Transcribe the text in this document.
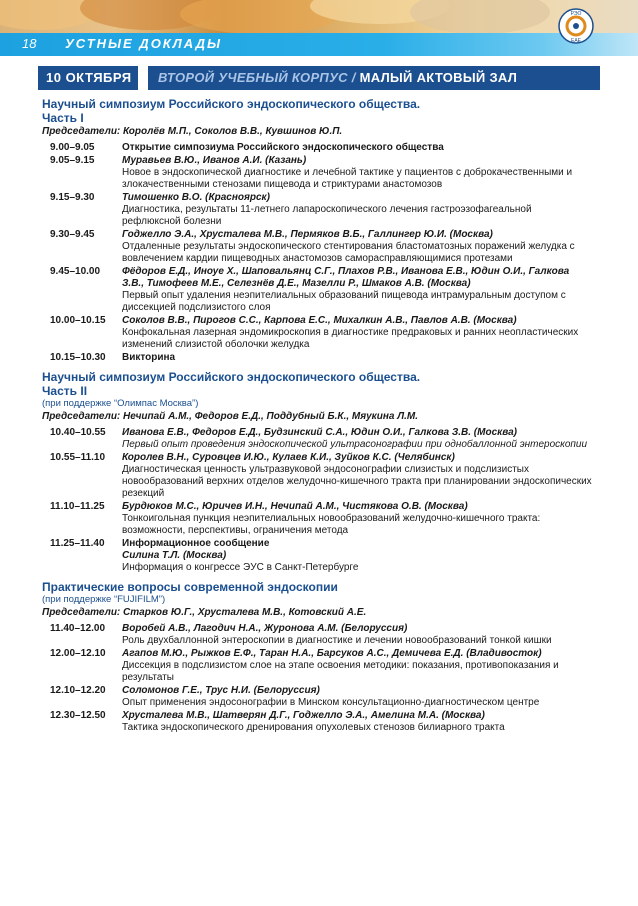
18 УСТНЫЕ ДОКЛАДЫ
РЭО
ЕАЕ
10 ОКТЯБРЯ	ВТОРОЙ УЧЕБНЫЙ КОРПУС / МАЛЫЙ АКТОВЫЙ ЗАЛ
Научный симпозиум Российского эндоскопического общества.
Часть I
Председатели: Королёв М.П., Соколов В.В., Кувшинов Ю.П.
9.00–9.05	Открытие симпозиума Российского эндоскопического общества
9.05–9.15	Муравьев В.Ю., Иванов А.И. (Казань)
Новое в эндоскопической диагностике и лечебной тактике у пациентов с доброкачественными и злокачественными стенозами пищевода и стриктурами анастомозов
9.15–9.30	Тимошенко В.О. (Красноярск)
Диагностика, результаты 11-летнего лапароскопического лечения гастроэзофагеальной рефлюксной болезни
9.30–9.45	Годжелло Э.А., Хрусталева М.В., Пермяков В.Б., Галлингер Ю.И. (Москва)
Отдаленные результаты эндоскопического стентирования бластоматозных поражений желудка с вовлечением кардии пищеводных анастомозов саморасправляющимися протезами
9.45–10.00	Фёдоров Е.Д., Иноуе Х., Шаповальянц С.Г., Плахов Р.В., Иванова Е.В., Юдин О.И., Галкова З.В., Тимофеев М.Е., Селезнёв Д.Е., Мазелли Р., Шмаков А.В. (Москва)
Первый опыт удаления неэпителиальных образований пищевода интрамуральным доступом с диссекцией подслизистого слоя
10.00–10.15	Соколов В.В., Пирогов С.С., Карпова Е.С., Михалкин А.В., Павлов А.В. (Москва)
Конфокальная лазерная эндомикроскопия в диагностике предраковых и ранних неопластических изменений слизистой оболочки желудка
10.15–10.30	Викторина
Научный симпозиум Российского эндоскопического общества.
Часть II
(при поддержке “Олимпас Москва”)
Председатели: Нечипай А.М., Федоров Е.Д., Поддубный Б.К., Мяукина Л.М.
10.40–10.55	Иванова Е.В., Федоров Е.Д., Будзинский С.А., Юдин О.И., Галкова З.В. (Москва)
Первый опыт проведения эндоскопической ультрасонографии при однобаллонной энтероскопии
10.55–11.10	Королев В.Н., Суровцев И.Ю., Кулаев К.И., Зуйков К.С. (Челябинск)
Диагностическая ценность ультразвуковой эндосонографии слизистых и подслизистых новообразований верхних отделов желудочно-кишечного тракта при планировании эндоскопических резекций
11.10–11.25	Бурдюков М.С., Юричев И.Н., Нечипай А.М., Чистякова О.В. (Москва)
Тонкоигольная пункция неэпителиальных новообразований желудочно-кишечного тракта: возможности, перспективы, ограничения метода
11.25–11.40	Информационное сообщение
Силина Т.Л. (Москва)
Информация о конгрессе ЭУС в Санкт-Петербурге
Практические вопросы современной эндоскопии
(при поддержке “FUJIFILM”)
Председатели: Старков Ю.Г., Хрусталева М.В., Котовский А.Е.
11.40–12.00	Воробей А.В., Лагодич Н.А., Журонова А.М. (Белоруссия)
Роль двухбаллонной энтероскопии в диагностике и лечении новообразований тонкой кишки
12.00–12.10	Агапов М.Ю., Рыжков Е.Ф., Таран Н.А., Барсуков А.С., Демичева Е.Д. (Владивосток)
Диссекция в подслизистом слое на этапе освоения методики: показания, противопоказания и результаты
12.10–12.20	Соломонов Г.Е., Трус Н.И. (Белоруссия)
Опыт применения эндосонографии в Минском консультационно-диагностическом центре
12.30–12.50	Хрусталева М.В., Шатверян Д.Г., Годжелло Э.А., Амелина М.А. (Москва)
Тактика эндоскопического дренирования опухолевых стенозов билиарного тракта
